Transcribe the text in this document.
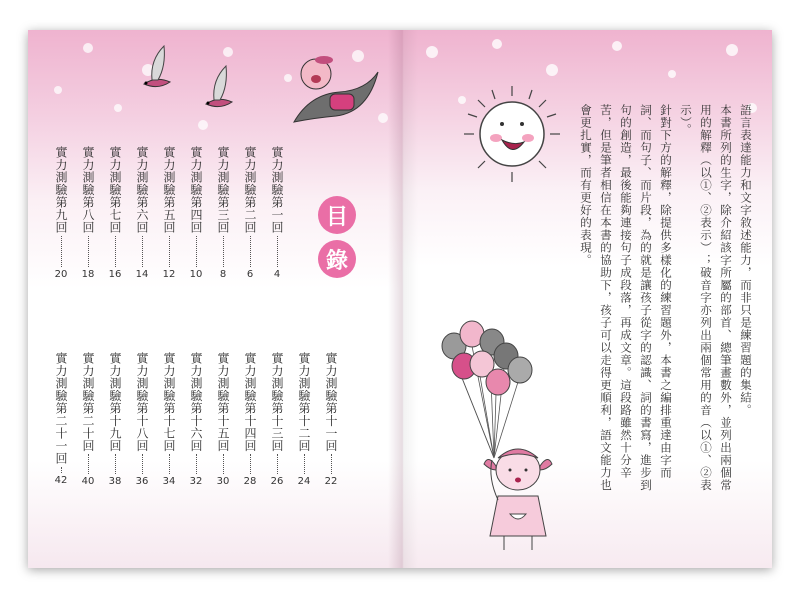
目
錄
實力測驗第一回
4
實力測驗第二回
6
實力測驗第三回
8
實力測驗第四回
10
實力測驗第五回
12
實力測驗第六回
14
實力測驗第七回
16
實力測驗第八回
18
實力測驗第九回
20
實力測驗第十一回
22
實力測驗第十二回
24
實力測驗第十三回
26
實力測驗第十四回
28
實力測驗第十五回
30
實力測驗第十六回
32
實力測驗第十七回
34
實力測驗第十八回
36
實力測驗第十九回
38
實力測驗第二十回
40
實力測驗第二十一回
42

語言表達能力和文字敘述能力，而非只是練習題的集結。

本書所列的生字，除介紹該字所屬的部首、總筆畫數外，並列出兩個常用的解釋（以①、②表示）；破音字亦列出兩個常用的音（以①、②表示）。

針對下方的解釋，除提供多樣化的練習題外，本書之編排重達由字而詞、而句子、而片段，為的就是讓孩子從字的認識、詞的書寫，進步到句的創造，最後能夠連接句子成段落，再成文章。這段路雖然十分辛苦，但是筆者相信在本書的協助下，孩子可以走得更順利，語文能力也會更扎實，而有更好的表現。
